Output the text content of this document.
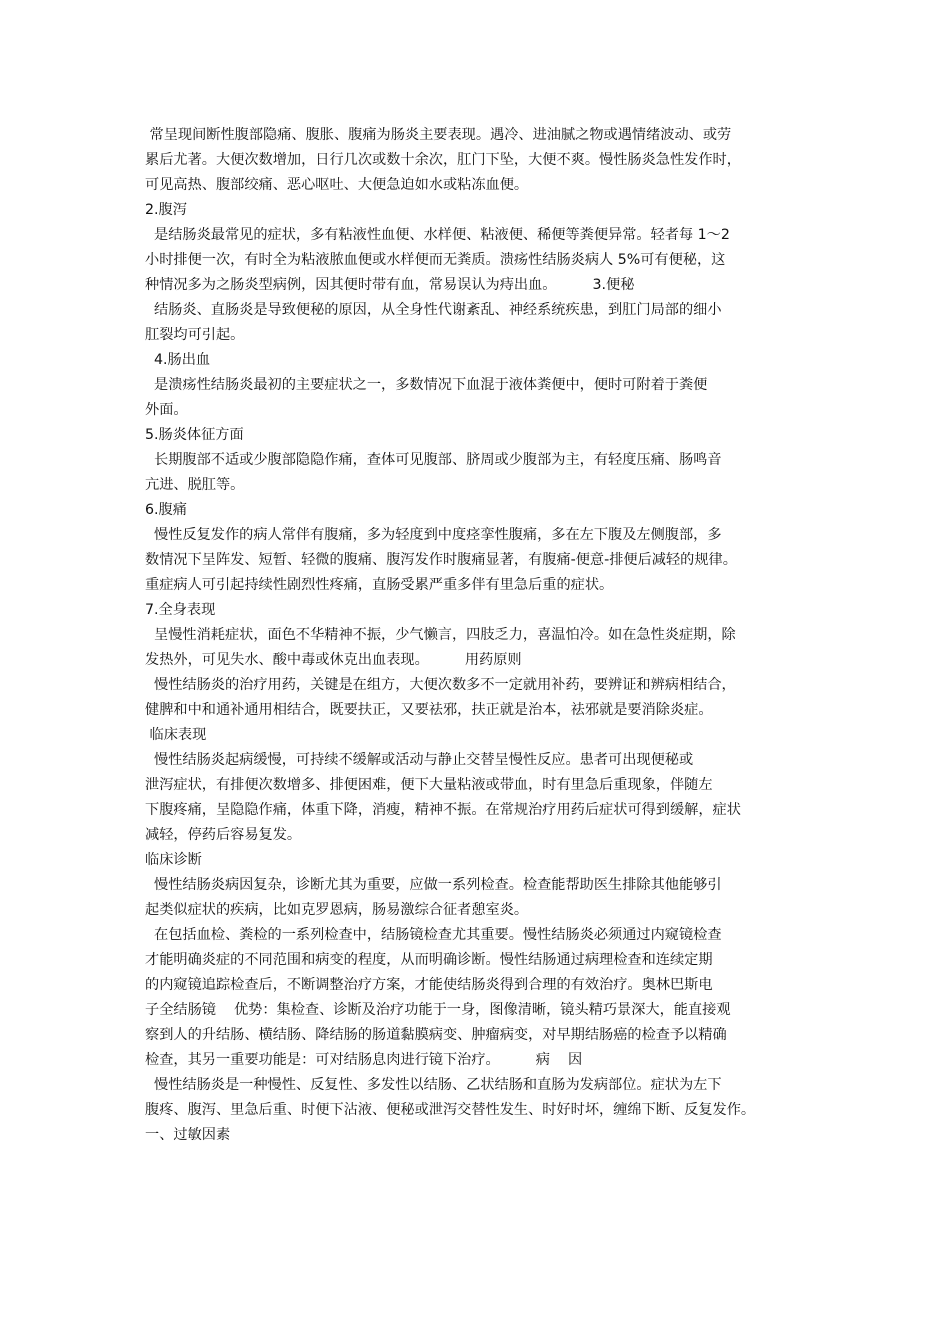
常呈现间断性腹部隐痛、腹胀、腹痛为肠炎主要表现。遇冷、进油腻之物或遇情绪波动、或劳
累后尤著。大便次数增加，日行几次或数十余次，肛门下坠，大便不爽。慢性肠炎急性发作时，
可见高热、腹部绞痛、恶心呕吐、大便急迫如水或粘冻血便。
2.腹泻
是结肠炎最常见的症状，多有粘液性血便、水样便、粘液便、稀便等粪便异常。轻者每 1～2
小时排便一次，有时全为粘液脓血便或水样便而无粪质。溃疡性结肠炎病人 5%可有便秘，这
种情况多为之肠炎型病例，因其便时带有血，常易误认为痔出血。        3.便秘
结肠炎、直肠炎是导致便秘的原因，从全身性代谢紊乱、神经系统疾患，到肛门局部的细小
肛裂均可引起。
4.肠出血
是溃疡性结肠炎最初的主要症状之一，多数情况下血混于液体粪便中，便时可附着于粪便
外面。
5.肠炎体征方面
长期腹部不适或少腹部隐隐作痛，查体可见腹部、脐周或少腹部为主，有轻度压痛、肠鸣音
亢进、脱肛等。
6.腹痛
慢性反复发作的病人常伴有腹痛，多为轻度到中度痉挛性腹痛，多在左下腹及左侧腹部，多
数情况下呈阵发、短暂、轻微的腹痛、腹泻发作时腹痛显著，有腹痛-便意-排便后减轻的规律。
重症病人可引起持续性剧烈性疼痛，直肠受累严重多伴有里急后重的症状。
7.全身表现
呈慢性消耗症状，面色不华精神不振，少气懒言，四肢乏力，喜温怕冷。如在急性炎症期，除
发热外，可见失水、酸中毒或休克出血表现。        用药原则
慢性结肠炎的治疗用药，关键是在组方，大便次数多不一定就用补药，要辨证和辨病相结合，
健脾和中和通补通用相结合，既要扶正，又要祛邪，扶正就是治本，祛邪就是要消除炎症。
临床表现
慢性结肠炎起病缓慢，可持续不缓解或活动与静止交替呈慢性反应。患者可出现便秘或
泄泻症状，有排便次数增多、排便困难，便下大量粘液或带血，时有里急后重现象，伴随左
下腹疼痛，呈隐隐作痛，体重下降，消瘦，精神不振。在常规治疗用药后症状可得到缓解，症状
减轻，停药后容易复发。
临床诊断
慢性结肠炎病因复杂，诊断尤其为重要，应做一系列检查。检查能帮助医生排除其他能够引
起类似症状的疾病，比如克罗恩病，肠易激综合征者憩室炎。
在包括血检、粪检的一系列检查中，结肠镜检查尤其重要。慢性结肠炎必须通过内窥镜检查
才能明确炎症的不同范围和病变的程度，从而明确诊断。慢性结肠通过病理检查和连续定期
的内窥镜追踪检查后，不断调整治疗方案，才能使结肠炎得到合理的有效治疗。奥林巴斯电
子全结肠镜    优势：集检查、诊断及治疗功能于一身，图像清晰，镜头精巧景深大，能直接观
察到人的升结肠、横结肠、降结肠的肠道黏膜病变、肿瘤病变，对早期结肠癌的检查予以精确
检查，其另一重要功能是：可对结肠息肉进行镜下治疗。        病    因
慢性结肠炎是一种慢性、反复性、多发性以结肠、乙状结肠和直肠为发病部位。症状为左下
腹疼、腹泻、里急后重、时便下沾液、便秘或泄泻交替性发生、时好时坏，缠绵下断、反复发作。
一、过敏因素
